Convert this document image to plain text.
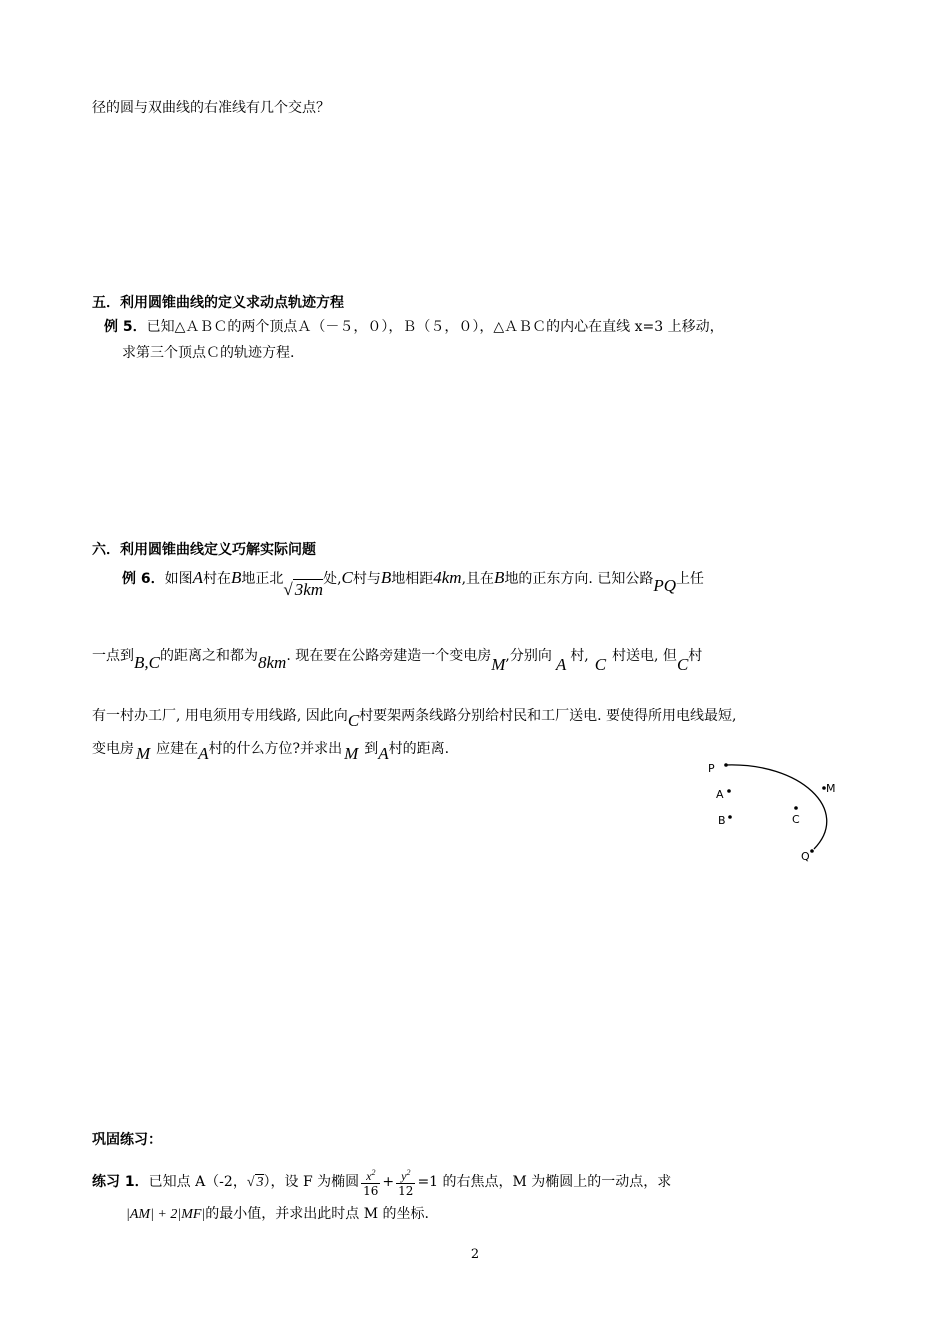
径的圆与双曲线的右准线有几个交点？
五．利用圆锥曲线的定义求动点轨迹方程
例 5．已知△ＡＢＣ的两个顶点Ａ（－５，０），Ｂ（５，０），△ＡＢＣ的内心在直线 x=3 上移动，
求第三个顶点Ｃ的轨迹方程.
六．利用圆锥曲线定义巧解实际问题
例 6．如图A村在B地正北√ 3km处,C村与B地相距4km,且在B地的正东方向. 已知公路PQ上任
一点到B,C的距离之和都为8km. 现在要在公路旁建造一个变电房M,分别向 A 村, C 村送电, 但C村
有一村办工厂, 用电须用专用线路, 因此向C村要架两条线路分别给村民和工厂送电. 要使得所用电线最短,
变电房 M 应建在A村的什么方位?并求出 M 到A村的距离.
P
M
A
B	C
Q
巩固练习：
练习 1．已知点 A（-2，√ 3），设 F 为椭圆 $\frac{x^2}{16} + \frac{y^2}{12} =1$ 的右焦点，M 为椭圆上的一动点，求
|AM| + 2|MF|的最小值，并求出此时点 M 的坐标.
2
